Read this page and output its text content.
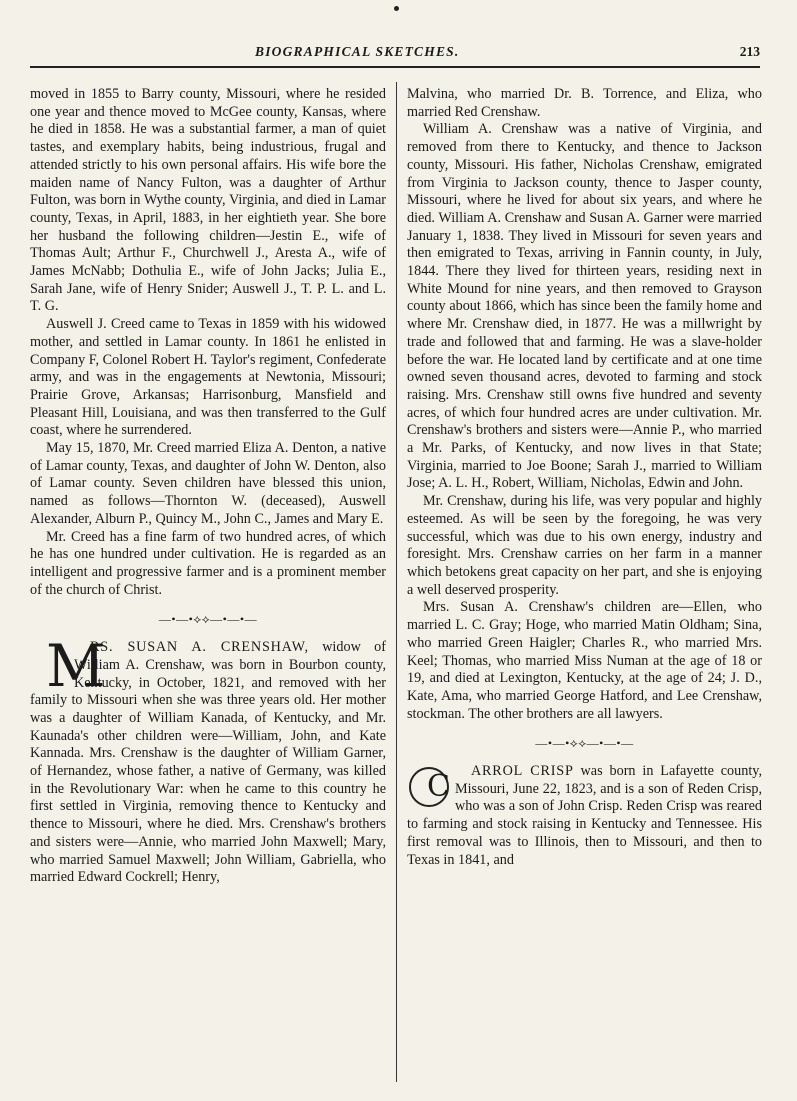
BIOGRAPHICAL SKETCHES.	213

moved in 1855 to Barry county, Missouri, where he resided one year and thence moved to McGee county, Kansas, where he died in 1858. He was a substantial farmer, a man of quiet tastes, and exemplary habits, being industrious, frugal and attended strictly to his own personal affairs. His wife bore the maiden name of Nancy Fulton, was a daughter of Arthur Fulton, was born in Wythe county, Virginia, and died in Lamar county, Texas, in April, 1883, in her eightieth year. She bore her husband the following children—Jestin E., wife of Thomas Ault; Arthur F., Churchwell J., Aresta A., wife of James McNabb; Dothulia E., wife of John Jacks; Julia E., Sarah Jane, wife of Henry Snider; Auswell J., T. P. L. and L. T. G.

Auswell J. Creed came to Texas in 1859 with his widowed mother, and settled in Lamar county. In 1861 he enlisted in Company F, Colonel Robert H. Taylor's regiment, Confederate army, and was in the engagements at Newtonia, Missouri; Prairie Grove, Arkansas; Harrisonburg, Mansfield and Pleasant Hill, Louisiana, and was then transferred to the Gulf coast, where he surrendered.

May 15, 1870, Mr. Creed married Eliza A. Denton, a native of Lamar county, Texas, and daughter of John W. Denton, also of Lamar county. Seven children have blessed this union, named as follows—Thornton W. (deceased), Auswell Alexander, Alburn P., Quincy M., John C., James and Mary E.

Mr. Creed has a fine farm of two hundred acres, of which he has one hundred under cultivation. He is regarded as an intelligent and progressive farmer and is a prominent member of the church of Christ.

—•—•⟡⟡—•—•—

M
RS. SUSAN A. CRENSHAW, widow of William A. Crenshaw, was born in Bourbon county, Kentucky, in October, 1821, and removed with her family to Missouri when she was three years old. Her mother was a daughter of William Kanada, of Kentucky, and Mr. Kaunada's other children were—William, John, and Kate Kannada. Mrs. Crenshaw is the daughter of William Garner, of Hernandez, whose father, a native of Germany, was killed in the Revolutionary War: when he came to this country he first settled in Virginia, removing thence to Kentucky and thence to Missouri, where he died. Mrs. Crenshaw's brothers and sisters were—Annie, who married John Maxwell; Mary, who married Samuel Maxwell; John William, Gabriella, who married Edward Cockrell; Henry,

Malvina, who married Dr. B. Torrence, and Eliza, who married Red Crenshaw.

William A. Crenshaw was a native of Virginia, and removed from there to Kentucky, and thence to Jackson county, Missouri. His father, Nicholas Crenshaw, emigrated from Virginia to Jackson county, thence to Jasper county, Missouri, where he lived for about six years, and where he died. William A. Crenshaw and Susan A. Garner were married January 1, 1838. They lived in Missouri for seven years and then emigrated to Texas, arriving in Fannin county, in July, 1844. There they lived for thirteen years, residing next in White Mound for nine years, and then removed to Grayson county about 1866, which has since been the family home and where Mr. Crenshaw died, in 1877. He was a millwright by trade and followed that and farming. He was a slave-holder before the war. He located land by certificate and at one time owned seven thousand acres, devoted to farming and stock raising. Mrs. Crenshaw still owns five hundred and seventy acres, of which four hundred acres are under cultivation. Mr. Crenshaw's brothers and sisters were—Annie P., who married a Mr. Parks, of Kentucky, and now lives in that State; Virginia, married to Joe Boone; Sarah J., married to William Jose; A. L. H., Robert, William, Nicholas, Edwin and John.

Mr. Crenshaw, during his life, was very popular and highly esteemed. As will be seen by the foregoing, he was very successful, which was due to his own energy, industry and foresight. Mrs. Crenshaw carries on her farm in a manner which betokens great capacity on her part, and she is enjoying a well deserved prosperity.

Mrs. Susan A. Crenshaw's children are—Ellen, who married L. C. Gray; Hoge, who married Matin Oldham; Sina, who married Green Haigler; Charles R., who married Mrs. Keel; Thomas, who married Miss Numan at the age of 18 or 19, and died at Lexington, Kentucky, at the age of 24; J. D., Kate, Ama, who married George Hatford, and Lee Crenshaw, stockman. The other brothers are all lawyers.

—•—•⟡⟡—•—•—

C ARROL CRISP was born in Lafayette county, Missouri, June 22, 1823, and is a son of Reden Crisp, who was a son of John Crisp. Reden Crisp was reared to farming and stock raising in Kentucky and Tennessee. His first removal was to Illinois, then to Missouri, and then to Texas in 1841, and
